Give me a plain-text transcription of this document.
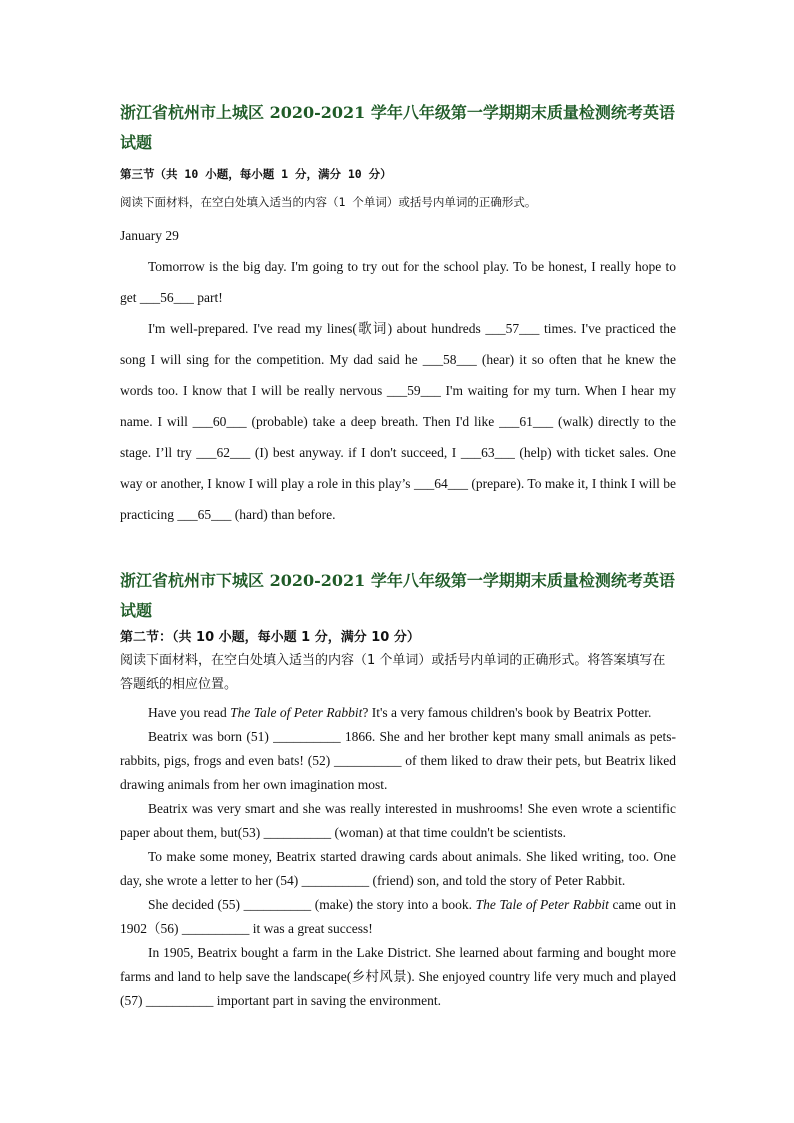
浙江省杭州市上城区 2020-2021 学年八年级第一学期期末质量检测统考英语试题
第三节（共 10 小题，每小题 1 分，满分 10 分）
阅读下面材料，在空白处填入适当的内容（1 个单词）或括号内单词的正确形式。

January 29

Tomorrow is the big day. I'm going to try out for the school play. To be honest, I really hope to get ___56___ part!

I'm well-prepared. I've read my lines(歌词) about hundreds ___57___ times. I've practiced the song I will sing for the competition. My dad said he ___58___ (hear) it so often that he knew the words too. I know that I will be really nervous ___59___ I'm waiting for my turn. When I hear my name. I will ___60___ (probable) take a deep breath. Then I'd like ___61___ (walk) directly to the stage. I’ll try ___62___ (I) best anyway. if I don't succeed, I ___63___ (help) with ticket sales. One way or another, I know I will play a role in this play’s ___64___ (prepare). To make it, I think I will be practicing ___65___ (hard) than before.

浙江省杭州市下城区 2020-2021 学年八年级第一学期期末质量检测统考英语试题
第二节：（共 10 小题，每小题 1 分，满分 10 分）
阅读下面材料，在空白处填入适当的内容（1 个单词）或括号内单词的正确形式。将答案填写在答题纸的相应位置。

Have you read The Tale of Peter Rabbit? It's a very famous children's book by Beatrix Potter.

Beatrix was born (51) __________ 1866. She and her brother kept many small animals as pets-rabbits, pigs, frogs and even bats! (52) __________ of them liked to draw their pets, but Beatrix liked drawing animals from her own imagination most.

Beatrix was very smart and she was really interested in mushrooms! She even wrote a scientific paper about them, but(53) __________ (woman) at that time couldn't be scientists.

To make some money, Beatrix started drawing cards about animals. She liked writing, too. One day, she wrote a letter to her (54) __________ (friend) son, and told the story of Peter Rabbit.

She decided (55) __________ (make) the story into a book. The Tale of Peter Rabbit came out in 1902（56) __________ it was a great success!

In 1905, Beatrix bought a farm in the Lake District. She learned about farming and bought more farms and land to help save the landscape(乡村风景). She enjoyed country life very much and played (57) __________ important part in saving the environment.
